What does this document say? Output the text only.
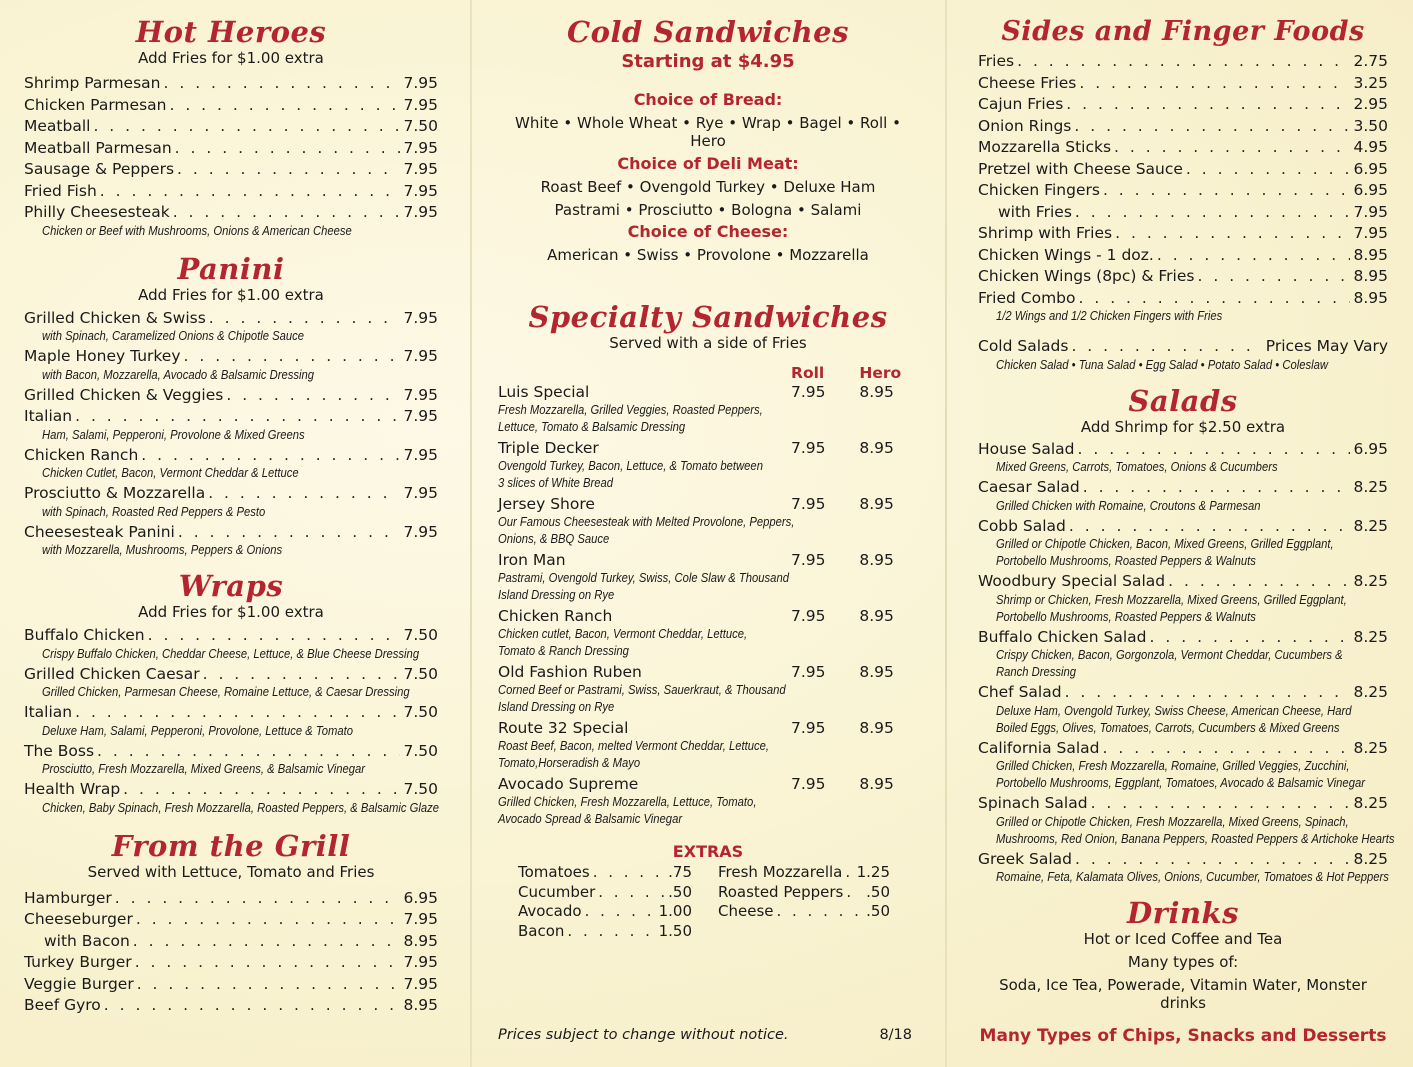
Hot Heroes

Add Fries for $1.00 extra

Shrimp Parmesan . . .	7.95
Chicken Parmesan . . .	7.95
Meatball . . .	7.50
Meatball Parmesan . . .	7.95
Sausage & Peppers . . .	7.95
Fried Fish . . .	7.95
Philly Cheesesteak . . .	7.95
Chicken or Beef with Mushrooms, Onions & American Cheese
Panini

Add Fries for $1.00 extra

Grilled Chicken & Swiss . . .	7.95
with Spinach, Caramelized Onions & Chipotle Sauce
Maple Honey Turkey . . .	7.95
with Bacon, Mozzarella, Avocado & Balsamic Dressing
Grilled Chicken & Veggies . . .	7.95
Italian . . .	7.95
Ham, Salami, Pepperoni, Provolone & Mixed Greens
Chicken Ranch . . .	7.95
Chicken Cutlet, Bacon, Vermont Cheddar & Lettuce
Prosciutto & Mozzarella . . .	7.95
with Spinach, Roasted Red Peppers & Pesto
Cheesesteak Panini . . .	7.95
with Mozzarella, Mushrooms, Peppers & Onions
Wraps

Add Fries for $1.00 extra

Buffalo Chicken . . .	7.50
Crispy Buffalo Chicken, Cheddar Cheese, Lettuce, & Blue Cheese Dressing
Grilled Chicken Caesar . . .	7.50
Grilled Chicken, Parmesan Cheese, Romaine Lettuce, & Caesar Dressing
Italian . . .	7.50
Deluxe Ham, Salami, Pepperoni, Provolone, Lettuce & Tomato
The Boss . . .	7.50
Prosciutto, Fresh Mozzarella, Mixed Greens, & Balsamic Vinegar
Health Wrap . . .	7.50
Chicken, Baby Spinach, Fresh Mozzarella, Roasted Peppers, & Balsamic Glaze
From the Grill

Served with Lettuce, Tomato and Fries

Hamburger . . .	6.95
Cheeseburger . . .	7.95
with Bacon . . .	8.95
Turkey Burger . . .	7.95
Veggie Burger . . .	7.95
Beef Gyro . . .	8.95
Cold Sandwiches

Starting at $4.95

Choice of Bread:

White • Whole Wheat • Rye • Wrap • Bagel • Roll • Hero

Choice of Deli Meat:

Roast Beef • Ovengold Turkey • Deluxe Ham

Pastrami • Prosciutto • Bologna • Salami

Choice of Cheese:

American • Swiss • Provolone • Mozzarella

Specialty Sandwiches

Served with a side of Fries

Roll	Hero
Luis Special	7.95	8.95
Fresh Mozzarella, Grilled Veggies, Roasted Peppers,
Lettuce, Tomato & Balsamic Dressing
Triple Decker	7.95	8.95
Ovengold Turkey, Bacon, Lettuce, & Tomato between
3 slices of White Bread
Jersey Shore	7.95	8.95
Our Famous Cheesesteak with Melted Provolone, Peppers,
Onions, & BBQ Sauce
Iron Man	7.95	8.95
Pastrami, Ovengold Turkey, Swiss, Cole Slaw & Thousand
Island Dressing on Rye
Chicken Ranch	7.95	8.95
Chicken cutlet, Bacon, Vermont Cheddar, Lettuce,
Tomato & Ranch Dressing
Old Fashion Ruben	7.95	8.95
Corned Beef or Pastrami, Swiss, Sauerkraut, & Thousand
Island Dressing on Rye
Route 32 Special	7.95	8.95
Roast Beef, Bacon, melted Vermont Cheddar, Lettuce,
Tomato,Horseradish & Mayo
Avocado Supreme	7.95	8.95
Grilled Chicken, Fresh Mozzarella, Lettuce, Tomato,
Avocado Spread & Balsamic Vinegar

EXTRAS

Tomatoes . . .	.75
Cucumber . . .	.50
Avocado . . .	1.00
Bacon . . .	1.50
Fresh Mozzarella . . . 1.25
Roasted Peppers . . . .50
Cheese . . .	.50
Prices subject to change without notice.	8/18
Sides and Finger Foods
Fries . . .	2.75
Cheese Fries . . .	3.25
Cajun Fries . . .	2.95
Onion Rings . . .	3.50
Mozzarella Sticks . . .	4.95
Pretzel with Cheese Sauce . . .	6.95
Chicken Fingers . . .	6.95
with Fries . . .	7.95
Shrimp with Fries . . .	7.95
Chicken Wings - 1 doz. . . .	8.95
Chicken Wings (8pc) & Fries . . .	8.95
Fried Combo . . .	8.95
1/2 Wings and 1/2 Chicken Fingers with Fries
Cold Salads . . .	Prices May Vary
Chicken Salad • Tuna Salad • Egg Salad • Potato Salad • Coleslaw
Salads

Add Shrimp for $2.50 extra

House Salad . . .	6.95
Mixed Greens, Carrots, Tomatoes, Onions & Cucumbers
Caesar Salad . . .	8.25
Grilled Chicken with Romaine, Croutons & Parmesan
Cobb Salad . . .	8.25
Grilled or Chipotle Chicken, Bacon, Mixed Greens, Grilled Eggplant,
Portobello Mushrooms, Roasted Peppers & Walnuts
Woodbury Special Salad . . .	8.25
Shrimp or Chicken, Fresh Mozzarella, Mixed Greens, Grilled Eggplant,
Portobello Mushrooms, Roasted Peppers & Walnuts
Buffalo Chicken Salad . . .	8.25
Crispy Chicken, Bacon, Gorgonzola, Vermont Cheddar, Cucumbers &
Ranch Dressing
Chef Salad . . .	8.25
Deluxe Ham, Ovengold Turkey, Swiss Cheese, American Cheese, Hard
Boiled Eggs, Olives, Tomatoes, Carrots, Cucumbers & Mixed Greens
California Salad . . .	8.25
Grilled Chicken, Fresh Mozzarella, Romaine, Grilled Veggies, Zucchini,
Portobello Mushrooms, Eggplant, Tomatoes, Avocado & Balsamic Vinegar
Spinach Salad . . .	8.25
Grilled or Chipotle Chicken, Fresh Mozzarella, Mixed Greens, Spinach,
Mushrooms, Red Onion, Banana Peppers, Roasted Peppers & Artichoke Hearts
Greek Salad . . .	8.25
Romaine, Feta, Kalamata Olives, Onions, Cucumber, Tomatoes & Hot Peppers
Drinks

Hot or Iced Coffee and Tea

Many types of:

Soda, Ice Tea, Powerade, Vitamin Water, Monster drinks

Many Types of Chips, Snacks and Desserts
